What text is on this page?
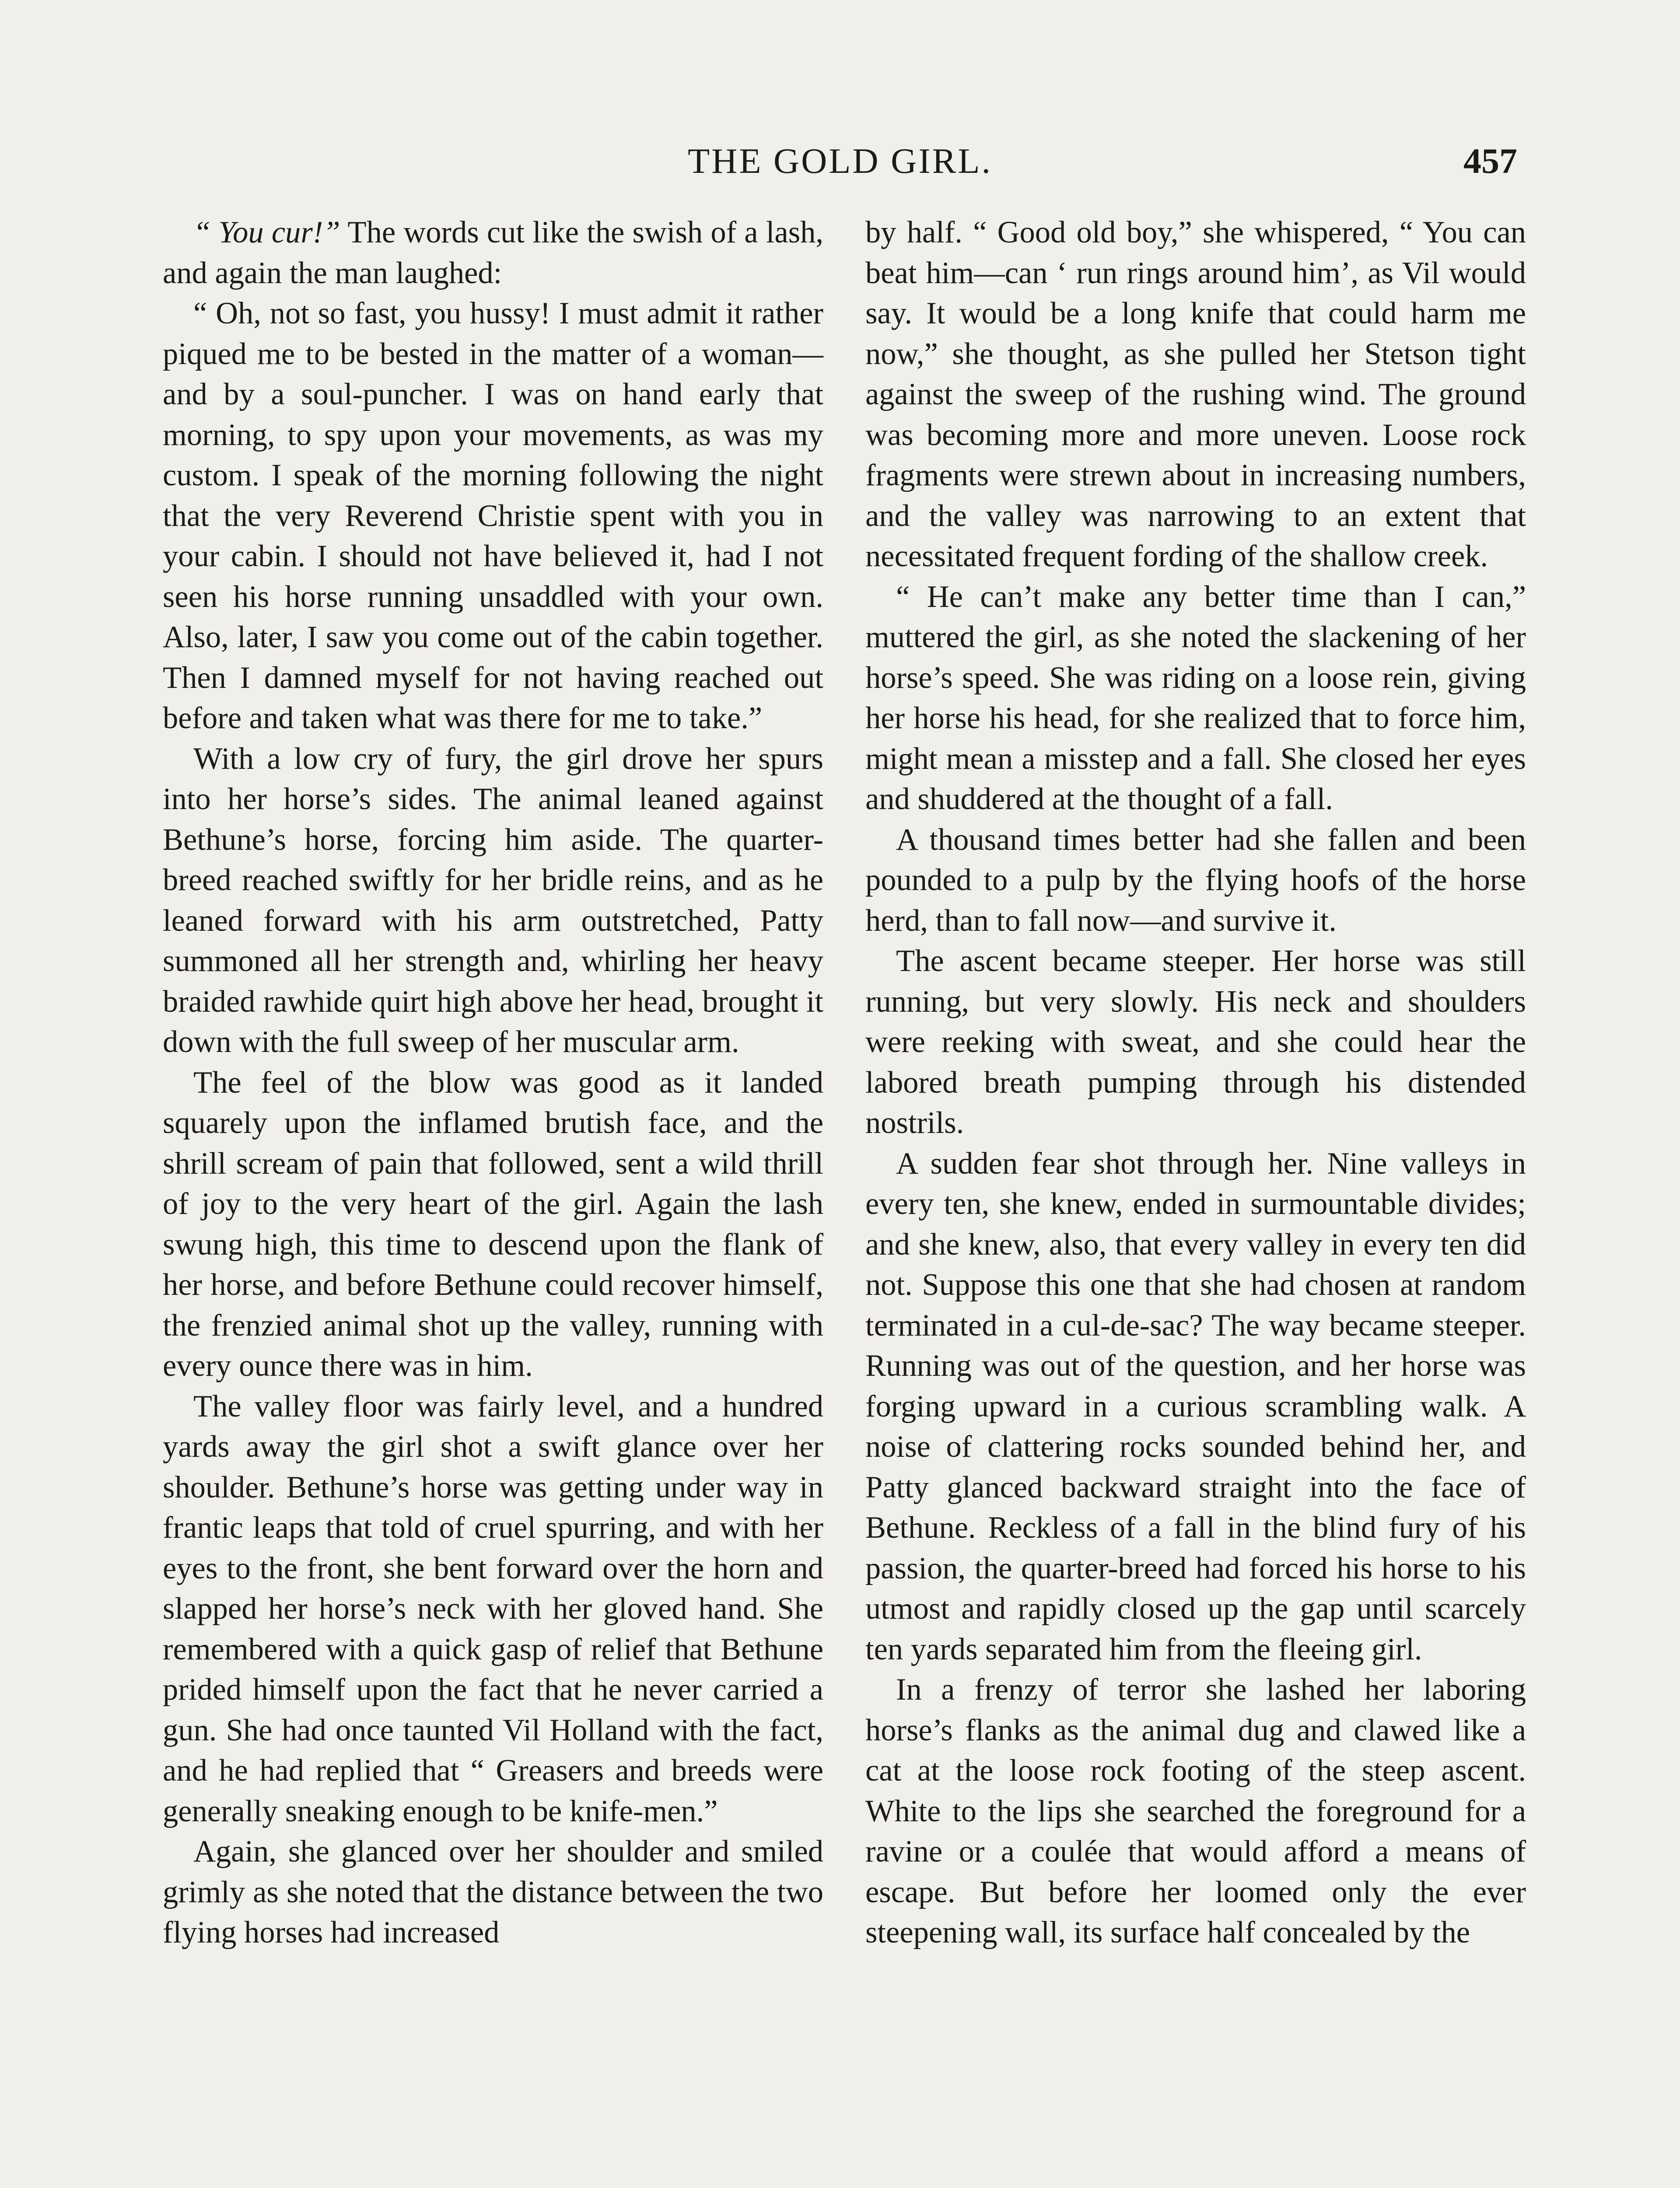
THE GOLD GIRL.	457

“ You cur!” The words cut like the swish of a lash, and again the man laughed:

“ Oh, not so fast, you hussy! I must admit it rather piqued me to be bested in the matter of a woman—and by a soul-puncher. I was on hand early that morning, to spy upon your movements, as was my custom. I speak of the morning following the night that the very Reverend Christie spent with you in your cabin. I should not have believed it, had I not seen his horse running unsaddled with your own. Also, later, I saw you come out of the cabin together. Then I damned myself for not having reached out before and taken what was there for me to take.”

With a low cry of fury, the girl drove her spurs into her horse’s sides. The animal leaned against Bethune’s horse, forcing him aside. The quarter-breed reached swiftly for her bridle reins, and as he leaned forward with his arm outstretched, Patty summoned all her strength and, whirling her heavy braided rawhide quirt high above her head, brought it down with the full sweep of her muscular arm.

The feel of the blow was good as it landed squarely upon the inflamed brutish face, and the shrill scream of pain that followed, sent a wild thrill of joy to the very heart of the girl. Again the lash swung high, this time to descend upon the flank of her horse, and before Bethune could recover himself, the frenzied animal shot up the valley, running with every ounce there was in him.

The valley floor was fairly level, and a hundred yards away the girl shot a swift glance over her shoulder. Bethune’s horse was getting under way in frantic leaps that told of cruel spurring, and with her eyes to the front, she bent forward over the horn and slapped her horse’s neck with her gloved hand. She remembered with a quick gasp of relief that Bethune prided himself upon the fact that he never carried a gun. She had once taunted Vil Holland with the fact, and he had replied that “ Greasers and breeds were generally sneaking enough to be knife-men.”

Again, she glanced over her shoulder and smiled grimly as she noted that the distance between the two flying horses had increased

by half. “ Good old boy,” she whispered, “ You can beat him—can ‘ run rings around him’, as Vil would say. It would be a long knife that could harm me now,” she thought, as she pulled her Stetson tight against the sweep of the rushing wind. The ground was becoming more and more uneven. Loose rock fragments were strewn about in increasing numbers, and the valley was narrowing to an extent that necessitated frequent fording of the shallow creek.

“ He can’t make any better time than I can,” muttered the girl, as she noted the slackening of her horse’s speed. She was riding on a loose rein, giving her horse his head, for she realized that to force him, might mean a misstep and a fall. She closed her eyes and shuddered at the thought of a fall.

A thousand times better had she fallen and been pounded to a pulp by the flying hoofs of the horse herd, than to fall now—and survive it.

The ascent became steeper. Her horse was still running, but very slowly. His neck and shoulders were reeking with sweat, and she could hear the labored breath pumping through his distended nostrils.

A sudden fear shot through her. Nine valleys in every ten, she knew, ended in surmountable divides; and she knew, also, that every valley in every ten did not. Suppose this one that she had chosen at random terminated in a cul-de-sac? The way became steeper. Running was out of the question, and her horse was forging upward in a curious scrambling walk. A noise of clattering rocks sounded behind her, and Patty glanced backward straight into the face of Bethune. Reckless of a fall in the blind fury of his passion, the quarter-breed had forced his horse to his utmost and rapidly closed up the gap until scarcely ten yards separated him from the fleeing girl.

In a frenzy of terror she lashed her laboring horse’s flanks as the animal dug and clawed like a cat at the loose rock footing of the steep ascent. White to the lips she searched the foreground for a ravine or a coulée that would afford a means of escape. But before her loomed only the ever steepening wall, its surface half concealed by the
